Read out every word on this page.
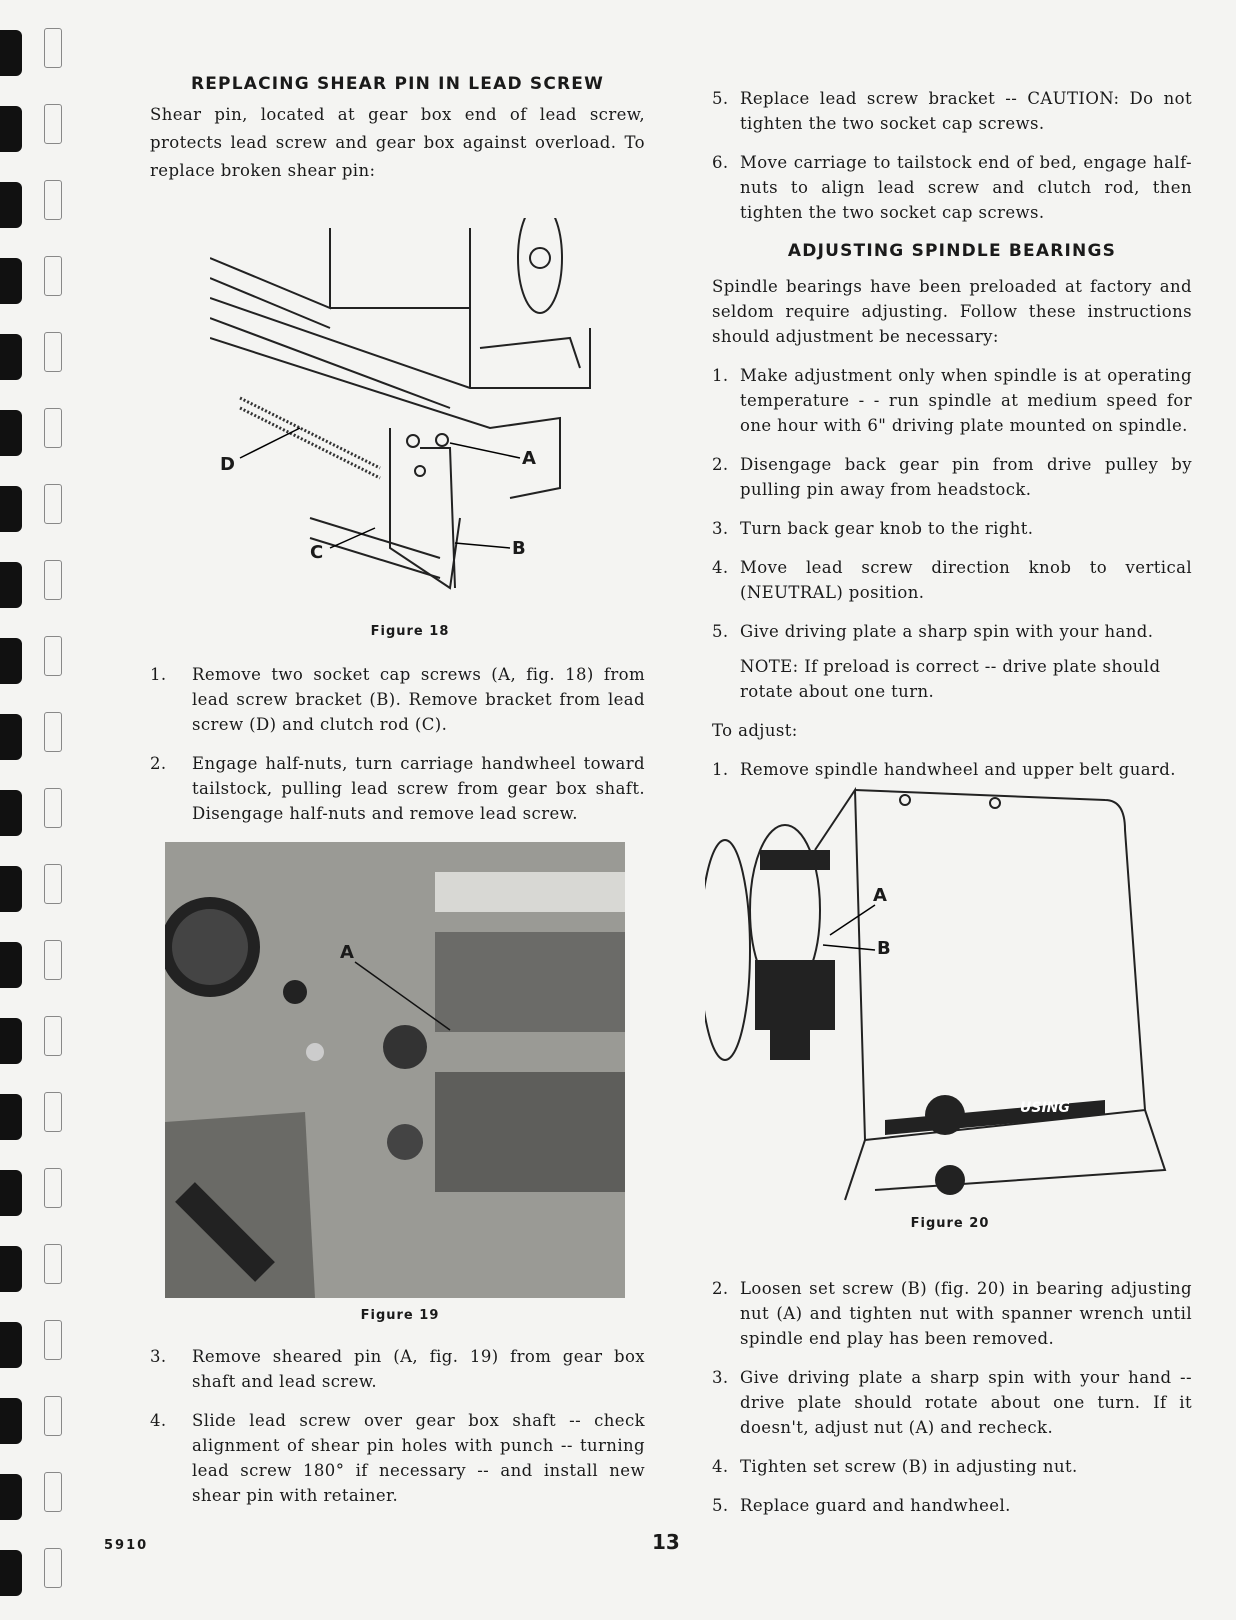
REPLACING SHEAR PIN IN LEAD SCREW

Shear pin, located at gear box end of lead screw, protects lead screw and gear box against overload. To replace broken shear pin:

D	A
C	B
Figure 18
1.	Remove two socket cap screws (A, fig. 18) from lead screw bracket (B). Remove bracket from lead screw (D) and clutch rod (C).
2.	Engage half-nuts, turn carriage handwheel toward tailstock, pulling lead screw from gear box shaft. Disengage half-nuts and remove lead screw.
A
Figure 19
3.	Remove sheared pin (A, fig. 19) from gear box shaft and lead screw.
4.	Slide lead screw over gear box shaft -- check alignment of shear pin holes with punch -- turning lead screw 180° if necessary -- and install new shear pin with retainer.
5. Replace lead screw bracket -- CAUTION: Do not tighten the two socket cap screws.
6. Move carriage to tailstock end of bed, engage half-nuts to align lead screw and clutch rod, then tighten the two socket cap screws.
ADJUSTING SPINDLE BEARINGS

Spindle bearings have been preloaded at factory and seldom require adjusting. Follow these instructions should adjustment be necessary:

1. Make adjustment only when spindle is at operating temperature - - run spindle at medium speed for one hour with 6" driving plate mounted on spindle.
2. Disengage back gear pin from drive pulley by pulling pin away from headstock.
3. Turn back gear knob to the right.
4. Move lead screw direction knob to vertical (NEUTRAL) position.
5. Give driving plate a sharp spin with your hand.
NOTE: If preload is correct -- drive plate should rotate about one turn.

To adjust:

1. Remove spindle handwheel and upper belt guard.
USING
A
B
Figure 20
2. Loosen set screw (B) (fig. 20) in bearing adjusting nut (A) and tighten nut with spanner wrench until spindle end play has been removed.
3. Give driving plate a sharp spin with your hand -- drive plate should rotate about one turn. If it doesn't, adjust nut (A) and recheck.
4. Tighten set screw (B) in adjusting nut.
5. Replace guard and handwheel.
5910	13
